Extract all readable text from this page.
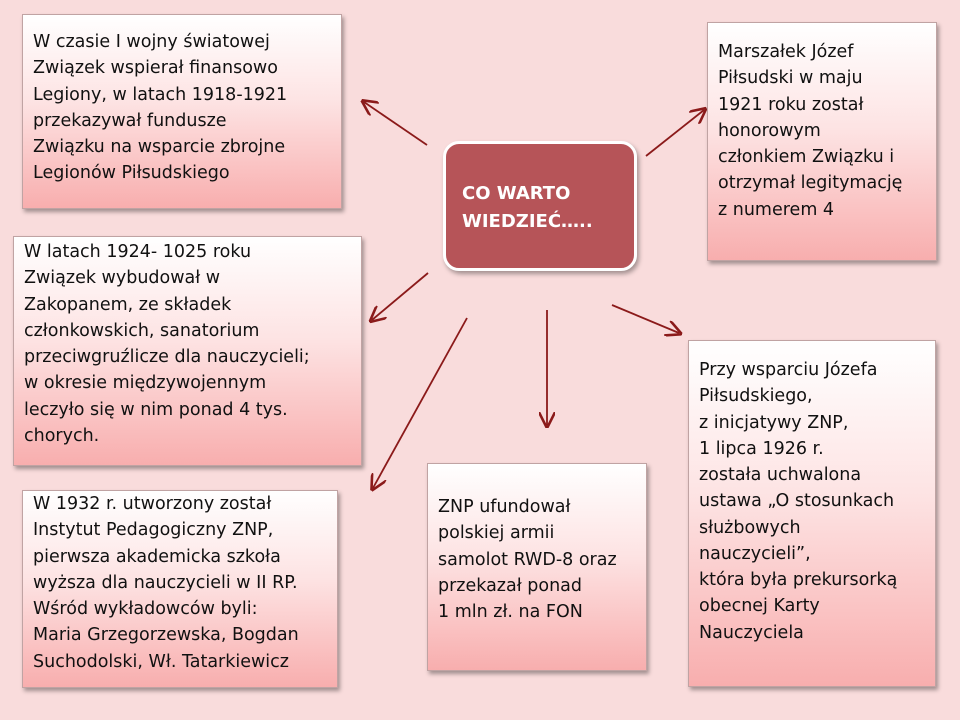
CO WARTO
WIEDZIEĆ…..
W czasie I wojny światowej
Związek wspierał finansowo
Legiony, w latach 1918-1921
przekazywał fundusze
Związku na wsparcie zbrojne
Legionów Piłsudskiego
W latach 1924- 1025 roku
Związek wybudował w
Zakopanem, ze składek
członkowskich, sanatorium
przeciwgruźlicze dla nauczycieli;
w okresie międzywojennym
leczyło się w nim ponad 4 tys.
chorych.
W 1932 r. utworzony został
Instytut Pedagogiczny ZNP,
pierwsza akademicka szkoła
wyższa dla nauczycieli w II RP.
Wśród wykładowców byli:
Maria Grzegorzewska, Bogdan
Suchodolski, Wł. Tatarkiewicz
ZNP ufundował
polskiej armii
samolot RWD-8 oraz
przekazał ponad
1 mln zł. na FON
Marszałek Józef
Piłsudski w maju
1921 roku został
honorowym
członkiem Związku i
otrzymał legitymację
z numerem 4
Przy wsparciu Józefa
Piłsudskiego,
z inicjatywy ZNP,
1 lipca 1926 r.
została uchwalona
ustawa „O stosunkach
służbowych
nauczycieli”,
która była prekursorką
obecnej Karty
Nauczyciela
